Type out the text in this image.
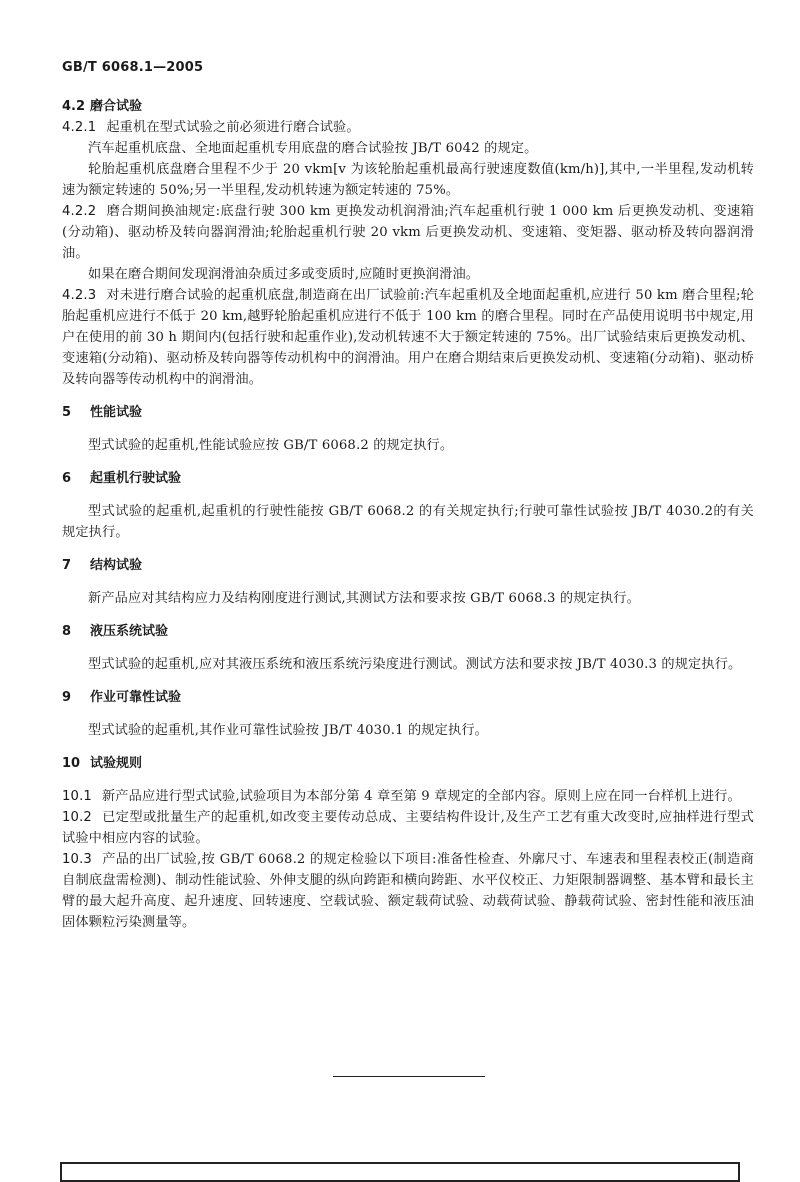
GB/T 6068.1—2005
4.2 磨合试验
4.2.1 起重机在型式试验之前必须进行磨合试验。
汽车起重机底盘、全地面起重机专用底盘的磨合试验按 JB/T 6042 的规定。
轮胎起重机底盘磨合里程不少于 20 vkm[v 为该轮胎起重机最高行驶速度数值(km/h)],其中,一半里程,发动机转速为额定转速的 50%;另一半里程,发动机转速为额定转速的 75%。
4.2.2 磨合期间换油规定:底盘行驶 300 km 更换发动机润滑油;汽车起重机行驶 1 000 km 后更换发动机、变速箱(分动箱)、驱动桥及转向器润滑油;轮胎起重机行驶 20 vkm 后更换发动机、变速箱、变矩器、驱动桥及转向器润滑油。
如果在磨合期间发现润滑油杂质过多或变质时,应随时更换润滑油。
4.2.3 对未进行磨合试验的起重机底盘,制造商在出厂试验前:汽车起重机及全地面起重机,应进行 50 km 磨合里程;轮胎起重机应进行不低于 20 km,越野轮胎起重机应进行不低于 100 km 的磨合里程。同时在产品使用说明书中规定,用户在使用的前 30 h 期间内(包括行驶和起重作业),发动机转速不大于额定转速的 75%。出厂试验结束后更换发动机、变速箱(分动箱)、驱动桥及转向器等传动机构中的润滑油。用户在磨合期结束后更换发动机、变速箱(分动箱)、驱动桥及转向器等传动机构中的润滑油。
5 性能试验
型式试验的起重机,性能试验应按 GB/T 6068.2 的规定执行。
6 起重机行驶试验
型式试验的起重机,起重机的行驶性能按 GB/T 6068.2 的有关规定执行;行驶可靠性试验按 JB/T 4030.2的有关规定执行。
7 结构试验
新产品应对其结构应力及结构刚度进行测试,其测试方法和要求按 GB/T 6068.3 的规定执行。
8 液压系统试验
型式试验的起重机,应对其液压系统和液压系统污染度进行测试。测试方法和要求按 JB/T 4030.3 的规定执行。
9 作业可靠性试验
型式试验的起重机,其作业可靠性试验按 JB/T 4030.1 的规定执行。
10 试验规则
10.1 新产品应进行型式试验,试验项目为本部分第 4 章至第 9 章规定的全部内容。原则上应在同一台样机上进行。
10.2 已定型或批量生产的起重机,如改变主要传动总成、主要结构件设计,及生产工艺有重大改变时,应抽样进行型式试验中相应内容的试验。
10.3 产品的出厂试验,按 GB/T 6068.2 的规定检验以下项目:准备性检查、外廓尺寸、车速表和里程表校正(制造商自制底盘需检测)、制动性能试验、外伸支腿的纵向跨距和横向跨距、水平仪校正、力矩限制器调整、基本臂和最长主臂的最大起升高度、起升速度、回转速度、空载试验、额定载荷试验、动载荷试验、静载荷试验、密封性能和液压油固体颗粒污染测量等。
